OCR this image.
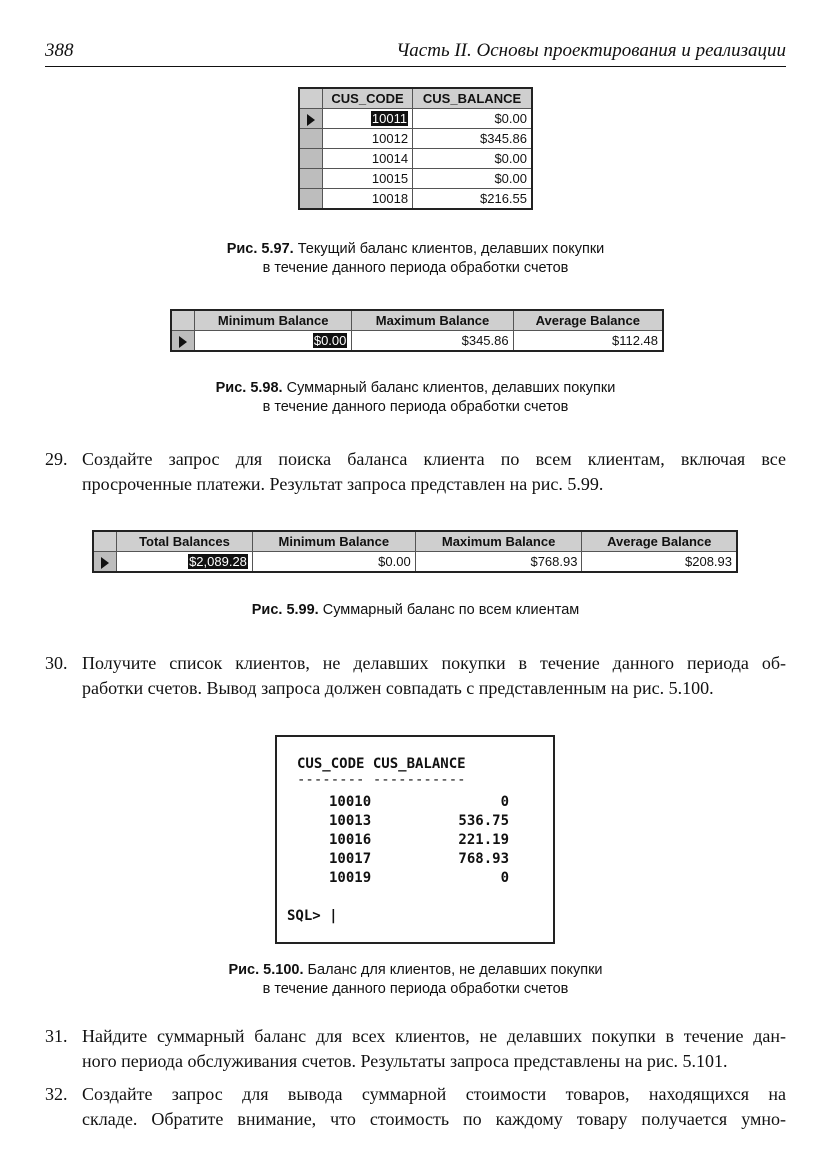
388	Часть II. Основы проектирования и реализации
	CUS_CODE	CUS_BALANCE
	10011	$0.00
	10012	$345.86
	10014	$0.00
	10015	$0.00
	10018	$216.55
Рис. 5.97. Текущий баланс клиентов, делавших покупки
в течение данного периода обработки счетов
	Minimum Balance	Maximum Balance	Average Balance
	$0.00	$345.86	$112.48
Рис. 5.98. Суммарный баланс клиентов, делавших покупки
в течение данного периода обработки счетов
29. Создайте запрос для поиска баланса клиента по всем клиентам, включая все
просроченные платежи. Результат запроса представлен на рис. 5.99.
	Total Balances	Minimum Balance	Maximum Balance	Average Balance
	$2,089.28	$0.00	$768.93	$208.93
Рис. 5.99. Суммарный баланс по всем клиентам
30. Получите список клиентов, не делавших покупки в течение данного периода об-
работки счетов. Вывод запроса должен совпадать с представленным на рис. 5.100.
CUS_CODE CUS_BALANCE
-------- -----------
10010	0
10013	536.75
10016	221.19
10017	768.93
10019	0
SQL> |
Рис. 5.100. Баланс для клиентов, не делавших покупки
в течение данного периода обработки счетов
31. Найдите суммарный баланс для всех клиентов, не делавших покупки в течение дан-
ного периода обслуживания счетов. Результаты запроса представлены на рис. 5.101.
32. Создайте запрос для вывода суммарной стоимости товаров, находящихся на
складе. Обратите внимание, что стоимость по каждому товару получается умно-
